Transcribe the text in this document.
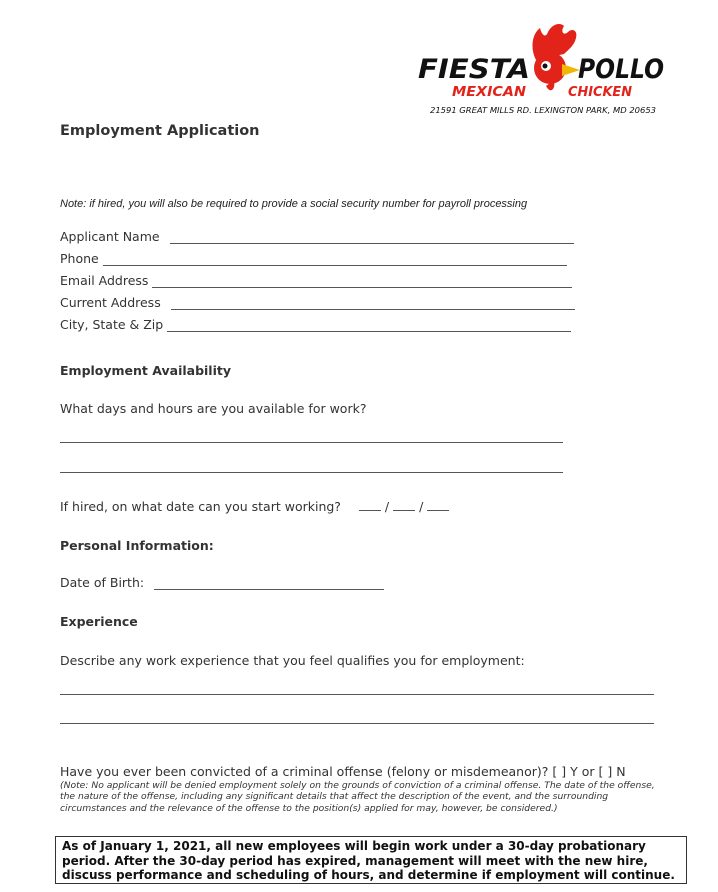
FIESTA POLLO
MEXICAN	CHICKEN
21591 GREAT MILLS RD. LEXINGTON PARK, MD 20653
Employment Application
Note: if hired, you will also be required to provide a social security number for payroll processing
Applicant Name
Phone
Email Address
Current Address
City, State & Zip
Employment Availability
What days and hours are you available for work?
If hired, on what date can you start working?	/ /
Personal Information:
Date of Birth:
Experience
Describe any work experience that you feel qualifies you for employment:
Have you ever been convicted of a criminal offense (felony or misdemeanor)? [ ] Y or [ ] N
(Note: No applicant will be denied employment solely on the grounds of conviction of a criminal offense. The date of the offense, the nature of the offense, including any significant details that affect the description of the event, and the surrounding circumstances and the relevance of the offense to the position(s) applied for may, however, be considered.)
As of January 1, 2021, all new employees will begin work under a 30-day probationary period. After the 30-day period has expired, management will meet with the new hire, discuss performance and scheduling of hours, and determine if employment will continue.
